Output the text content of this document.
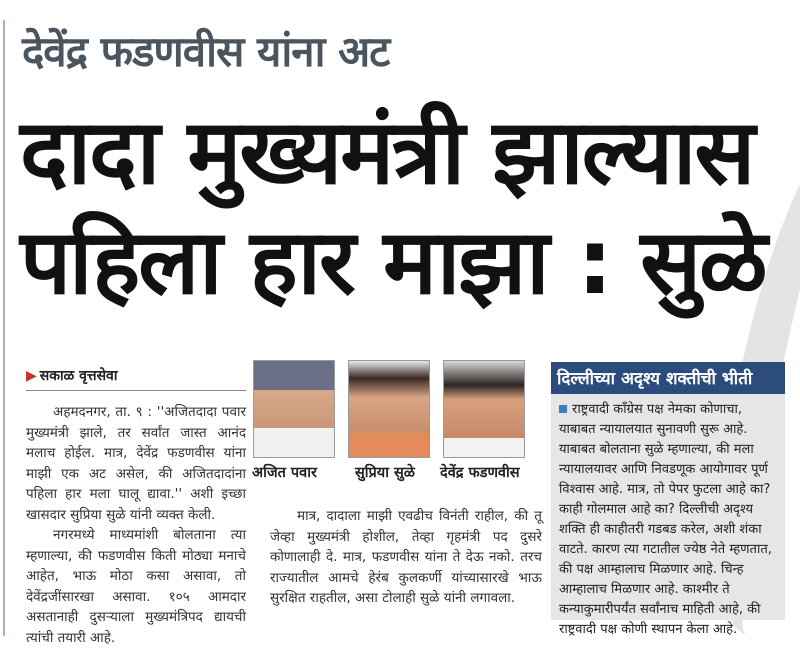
देवेंद्र फडणवीस यांना अट
दादा मुख्यमंत्री झाल्यास
पहिला हार माझा : सुळे
▶ सकाळ वृत्तसेवा

अहमदनगर, ता. ९ : ''अजितदादा पवार मुख्यमंत्री झाले, तर सर्वांत जास्त आनंद मलाच होईल. मात्र, देवेंद्र फडणवीस यांना माझी एक अट असेल, की अजितदादांना पहिला हार मला घालू द्यावा.'' अशी इच्छा खासदार सुप्रिया सुळे यांनी व्यक्त केली.

नगरमध्ये माध्यमांशी बोलताना त्या म्हणाल्या, की फडणवीस किती मोठ्या मनाचे आहेत, भाऊ मोठा कसा असावा, तो देवेंद्रजींसारखा असावा. १०५ आमदार असतानाही दुसऱ्याला मुख्यमंत्रिपद द्यायची त्यांची तयारी आहे.

अजित पवार	सुप्रिया सुळे देवेंद्र फडणवीस

मात्र, दादाला माझी एवढीच विनंती राहील, की तू जेव्हा मुख्यमंत्री होशील, तेव्हा गृहमंत्री पद दुसरे कोणालाही दे. मात्र, फडणवीस यांना ते देऊ नको. तरच राज्यातील आमचे हेरंब कुलकर्णी यांच्यासारखे भाऊ सुरक्षित राहतील, असा टोलाही सुळे यांनी लगावला.

दिल्लीच्या अदृश्य शक्तीची भीती
राष्ट्रवादी काँग्रेस पक्ष नेमका कोणाचा, याबाबत न्यायालयात सुनावणी सुरू आहे. याबाबत बोलताना सुळे म्हणाल्या, की मला न्यायालयावर आणि निवडणूक आयोगावर पूर्ण विश्वास आहे. मात्र, तो पेपर फुटला आहे का? काही गोलमाल आहे का? दिल्लीची अदृश्य शक्ति ही काहीतरी गडबड करेल, अशी शंका वाटते. कारण त्या गटातील ज्येष्ठ नेते म्हणतात, की पक्ष आम्हालाच मिळणार आहे. चिन्ह आम्हालाच मिळणार आहे. काश्मीर ते कन्याकुमारीपर्यंत सर्वांनाच माहिती आहे, की राष्ट्रवादी पक्ष कोणी स्थापन केला आहे.
